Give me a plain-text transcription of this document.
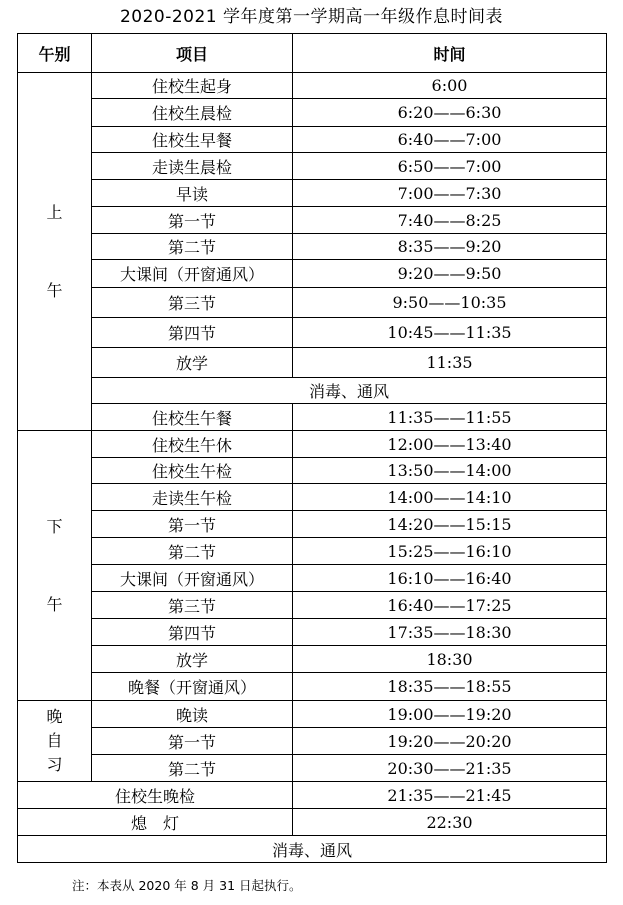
2020-2021 学年度第一学期高一年级作息时间表
午别	项目	时间

上
午	住校生起身	6:00
	住校生晨检	6:20——6:30
	住校生早餐	6:40——7:00
	走读生晨检	6:50——7:00
	早读	7:00——7:30
	第一节	7:40——8:25
	第二节	8:35——9:20
	大课间（开窗通风）	9:20——9:50
	第三节	9:50——10:35
	第四节	10:45——11:35
	放学	11:35
	消毒、通风	
	住校生午餐	11:35——11:55

下
午	住校生午休	12:00——13:40
	住校生午检	13:50——14:00
	走读生午检	14:00——14:10
	第一节	14:20——15:15
	第二节	15:25——16:10
	大课间（开窗通风）	16:10——16:40
	第三节	16:40——17:25
	第四节	17:35——18:30
	放学	18:30
	晚餐（开窗通风）	18:35——18:55

晚
自
习	晚读	19:00——19:20
	第一节	19:20——20:20
	第二节	20:30——21:35
住校生晚检		21:35——21:45
熄　灯		22:30
消毒、通风		
注：本表从 2020 年 8 月 31 日起执行。
